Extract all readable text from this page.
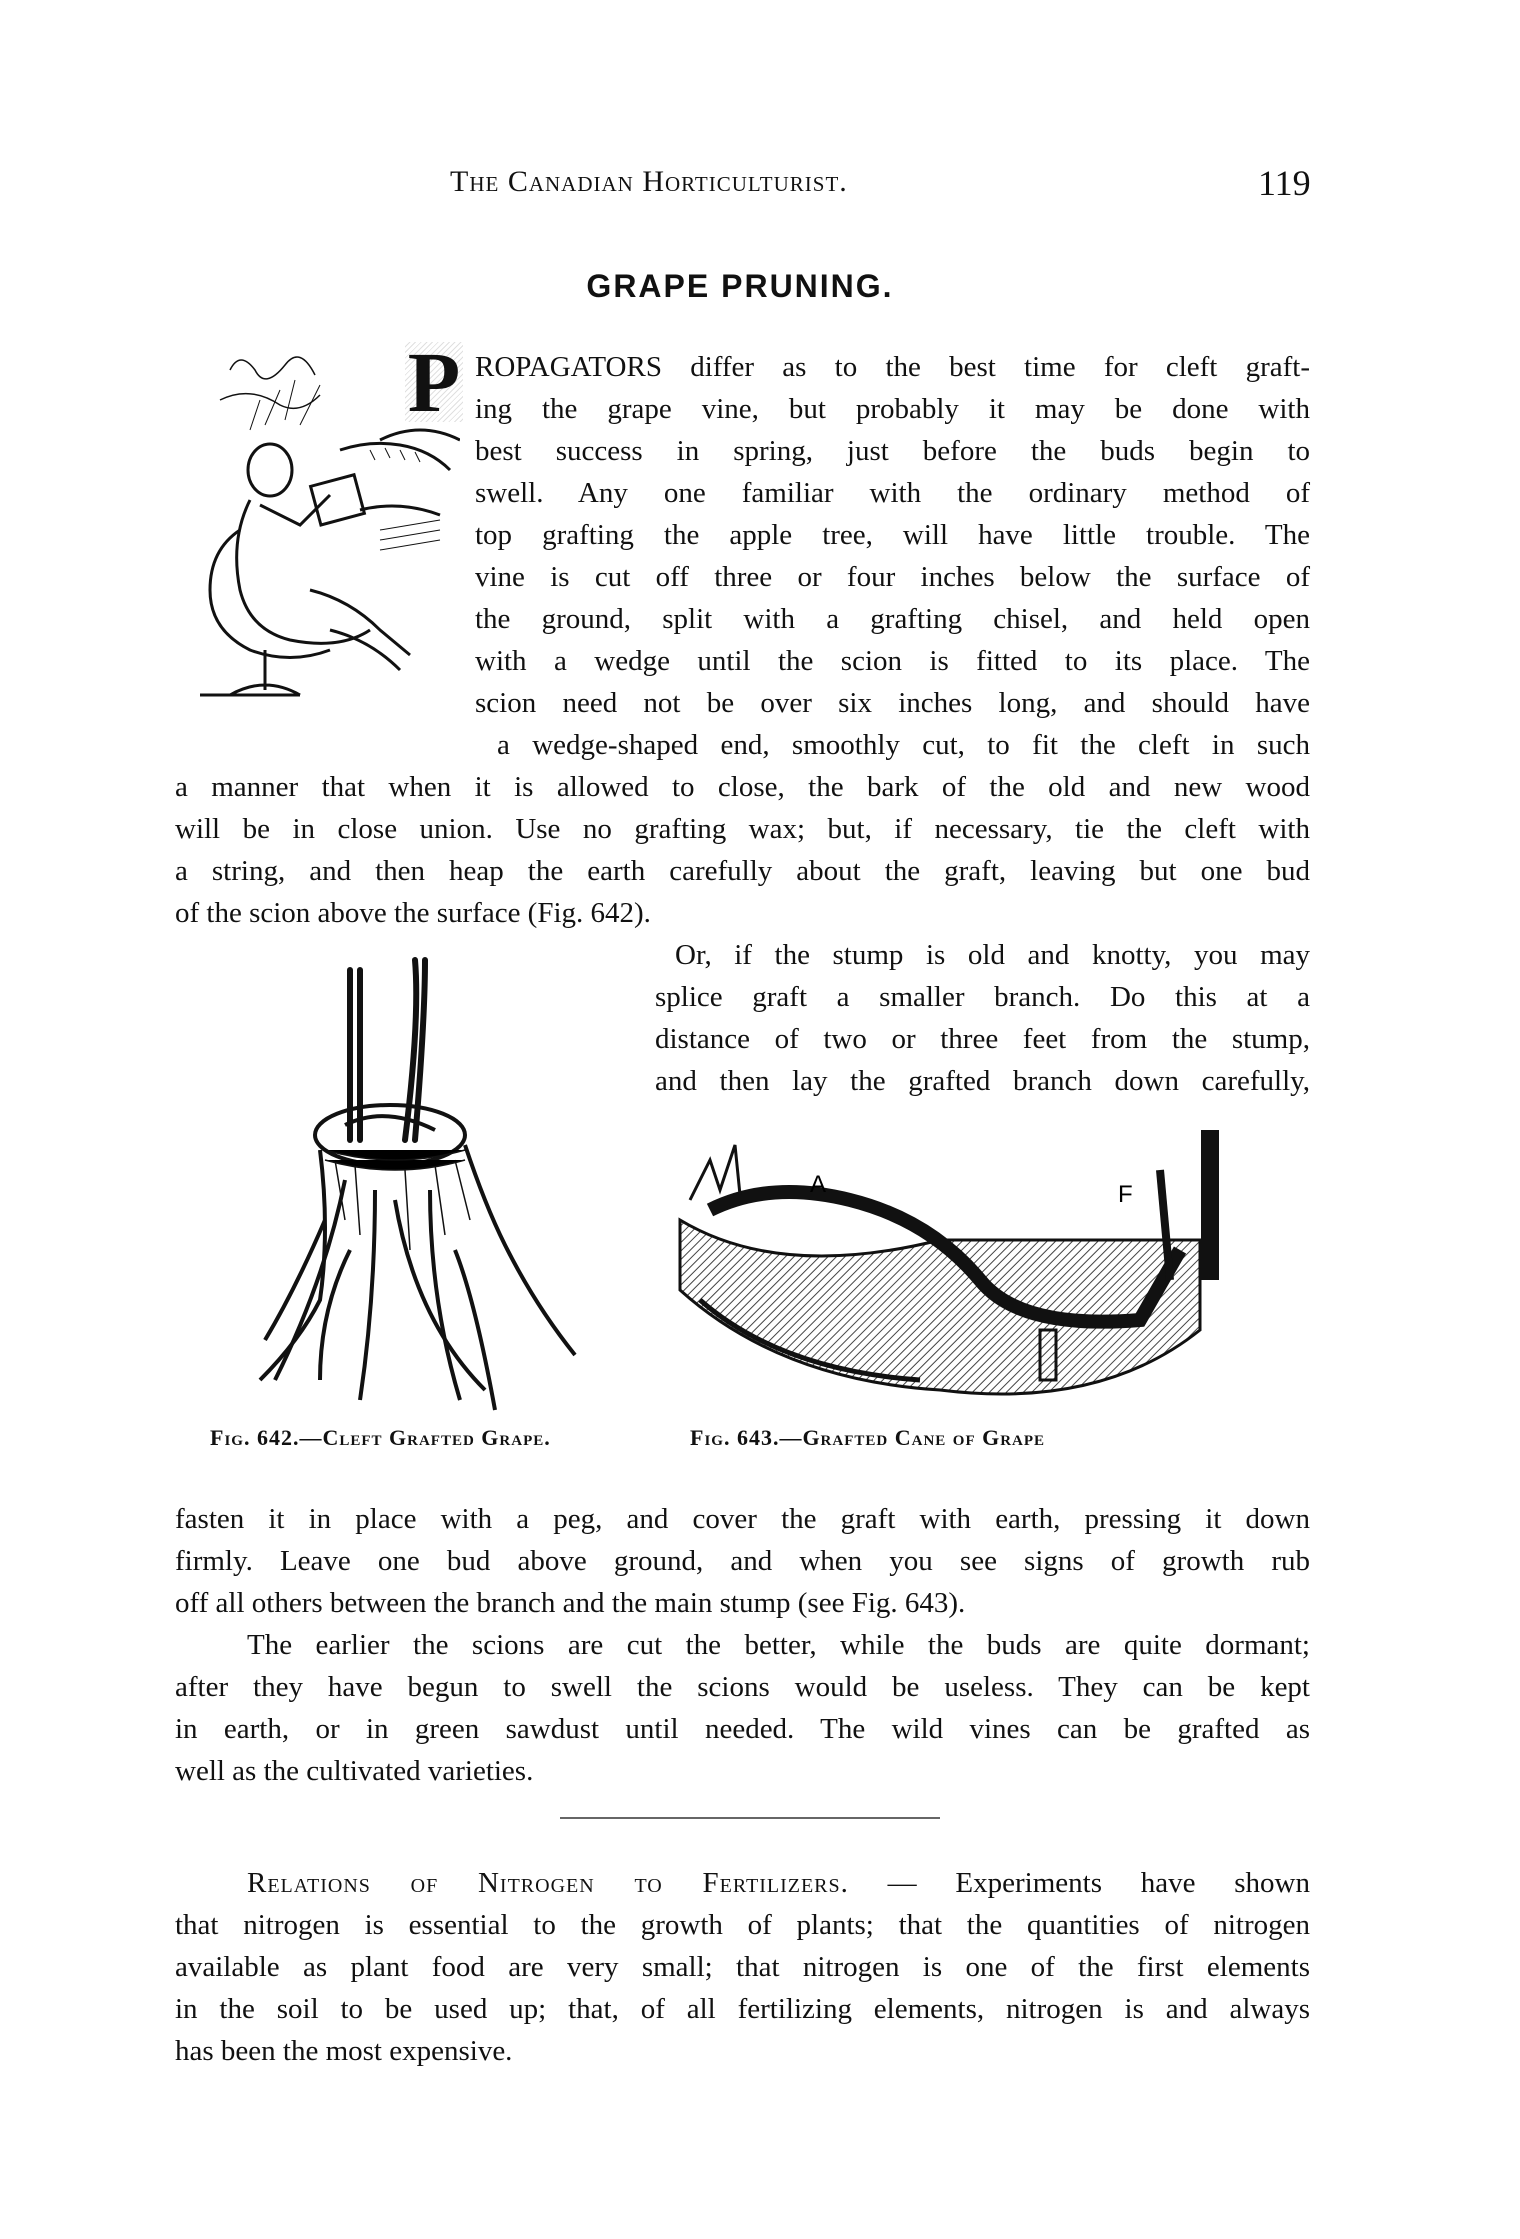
The Canadian Horticulturist.	119
GRAPE PRUNING.
P ROPAGATORS differ as to the best time for cleft graft-
ing the grape vine, but probably it may be done with
best success in spring, just before the buds begin to
swell. Any one familiar with the ordinary method of
top grafting the apple tree, will have little trouble. The
vine is cut off three or four inches below the surface of
the ground, split with a grafting chisel, and held open
with a wedge until the scion is fitted to its place. The
scion need not be over six inches long, and should have
a wedge-shaped end, smoothly cut, to fit the cleft in such
a manner that when it is allowed to close, the bark of the old and new wood
will be in close union. Use no grafting wax; but, if necessary, tie the cleft with
a string, and then heap the earth carefully about the graft, leaving but one bud
of the scion above the surface (Fig. 642).
Or, if the stump is old and knotty, you may
splice graft a smaller branch. Do this at a
distance of two or three feet from the stump,
and then lay the grafted branch down carefully,
A	F
Fig. 642.—Cleft Grafted Grape.	Fig. 643.—Grafted Cane of Grape
fasten it in place with a peg, and cover the graft with earth, pressing it down
firmly. Leave one bud above ground, and when you see signs of growth rub
off all others between the branch and the main stump (see Fig. 643).
The earlier the scions are cut the better, while the buds are quite dormant;
after they have begun to swell the scions would be useless. They can be kept
in earth, or in green sawdust until needed. The wild vines can be grafted as
well as the cultivated varieties.
Relations of Nitrogen to Fertilizers. — Experiments have shown
that nitrogen is essential to the growth of plants; that the quantities of nitrogen
available as plant food are very small; that nitrogen is one of the first elements
in the soil to be used up; that, of all fertilizing elements, nitrogen is and always
has been the most expensive.
